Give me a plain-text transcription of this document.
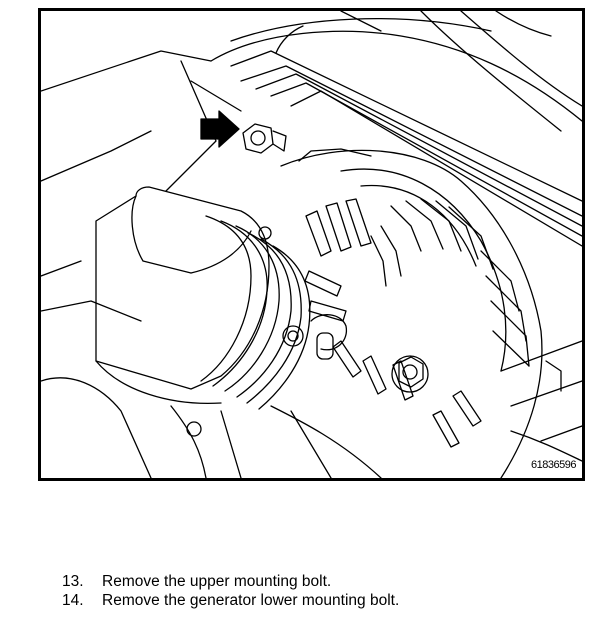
61836596
13.	Remove the upper mounting bolt.
14.	Remove the generator lower mounting bolt.
